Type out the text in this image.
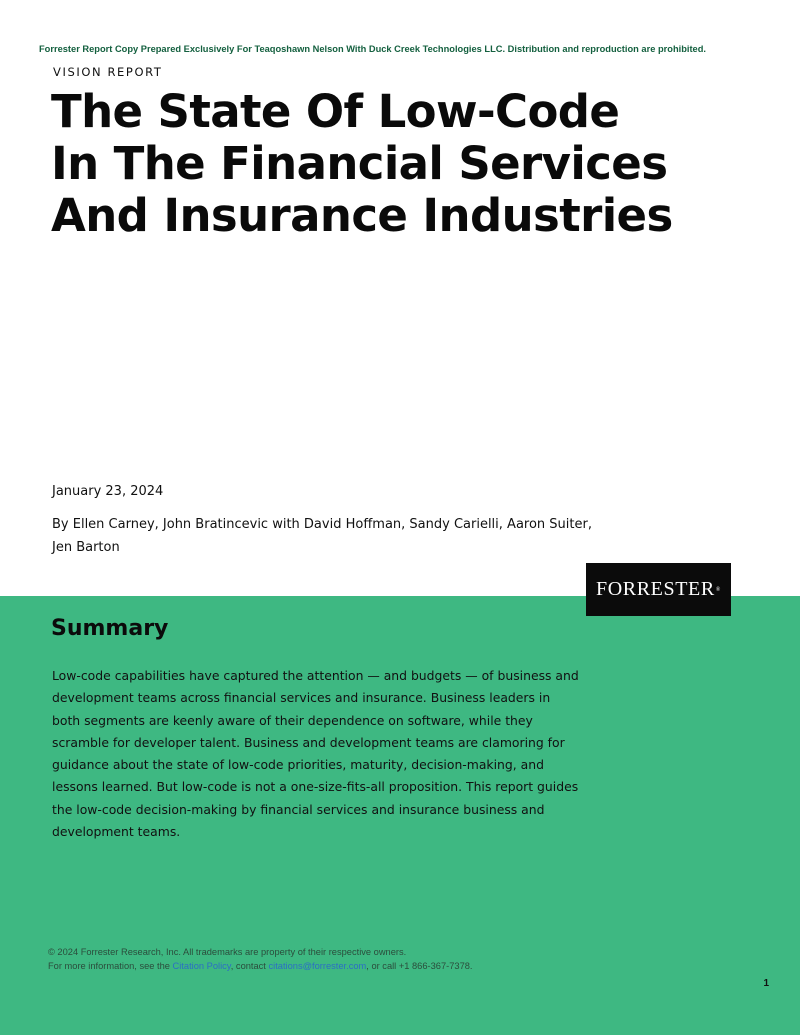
Forrester Report Copy Prepared Exclusively For Teaqoshawn Nelson With Duck Creek Technologies LLC. Distribution and reproduction are prohibited.
VISION REPORT
The State Of Low-Code
In The Financial Services
And Insurance Industries
January 23, 2024

By Ellen Carney, John Bratincevic with David Hoffman, Sandy Carielli, Aaron Suiter, Jen Barton

FORRESTER ®
Summary

Low-code capabilities have captured the attention — and budgets — of business and
development teams across financial services and insurance. Business leaders in
both segments are keenly aware of their dependence on software, while they
scramble for developer talent. Business and development teams are clamoring for
guidance about the state of low-code priorities, maturity, decision-making, and
lessons learned. But low-code is not a one-size-fits-all proposition. This report guides
the low-code decision-making by financial services and insurance business and
development teams.

© 2024 Forrester Research, Inc. All trademarks are property of their respective owners.
For more information, see the Citation Policy, contact citations@forrester.com, or call +1 866-367-7378.
1
